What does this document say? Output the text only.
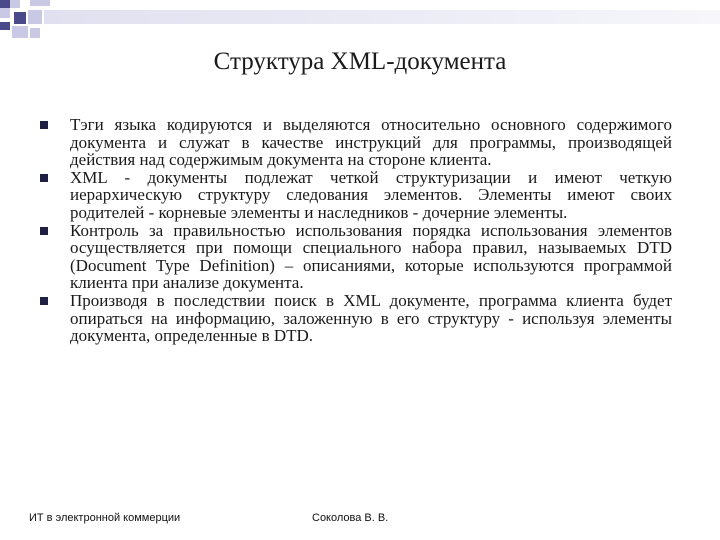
Структура XML-документа
Тэги языка кодируются и выделяются относительно основного содержимого документа и служат в качестве инструкций для программы, производящей действия над содержимым документа на стороне клиента.
XML - документы подлежат четкой структуризации и имеют четкую иерархическую структуру следования элементов. Элементы имеют своих родителей - корневые элементы и наследников - дочерние элементы.
Контроль за правильностью использования порядка использования элементов осуществляется при помощи специального набора правил, называемых DTD (Document Type Definition) – описаниями, которые используются программой клиента при анализе документа.
Производя в последствии поиск в XML документе, программа клиента будет опираться на информацию, заложенную в его структуру - используя элементы документа, определенные в DTD.
ИТ в электронной коммерции	Соколова В. В.
